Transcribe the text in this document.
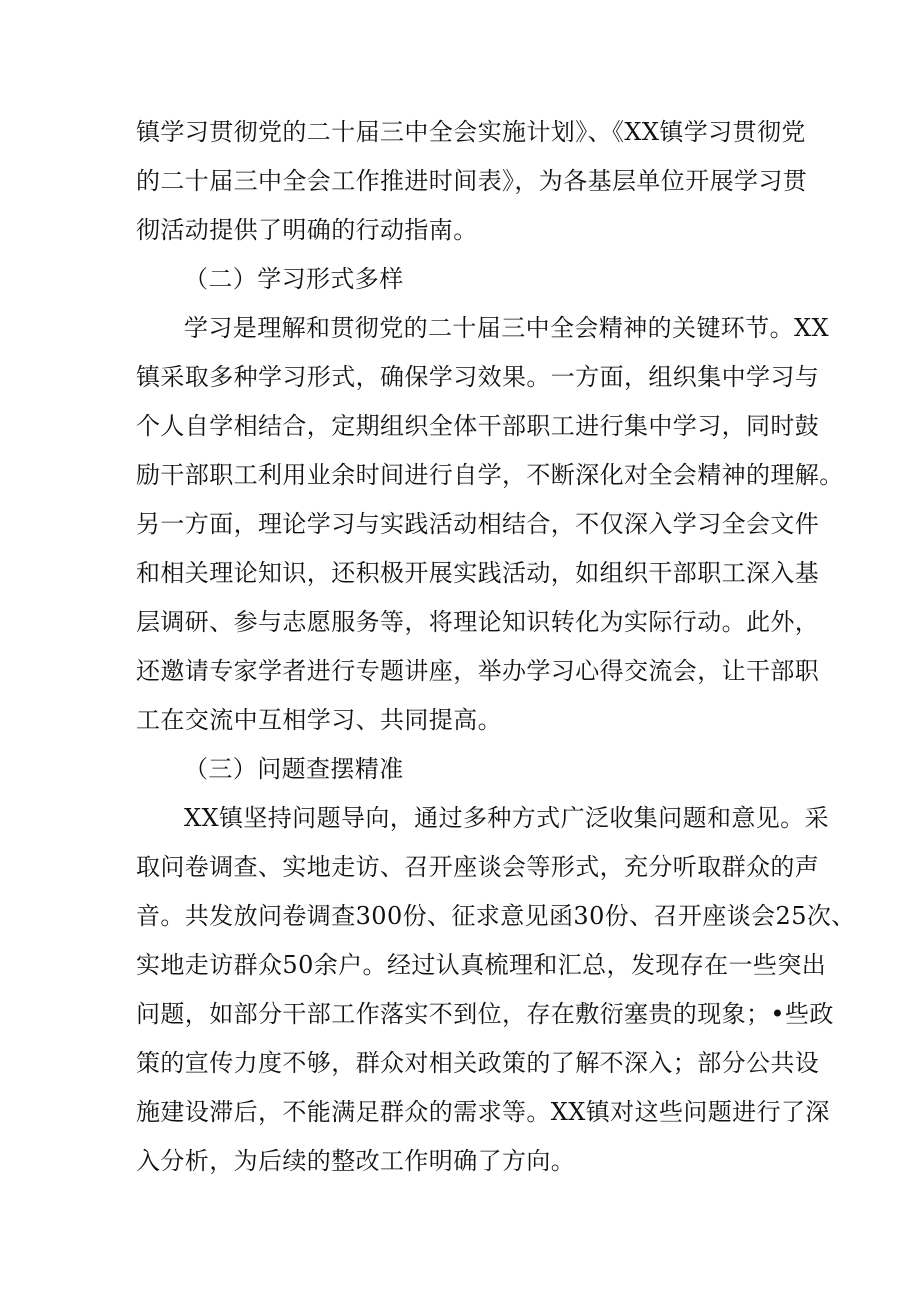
镇学习贯彻党的二十届三中全会实施计划》、《XX镇学习贯彻党
的二十届三中全会工作推进时间表》，为各基层单位开展学习贯
彻活动提供了明确的行动指南。
（二）学习形式多样
学习是理解和贯彻党的二十届三中全会精神的关键环节。XX
镇采取多种学习形式，确保学习效果。一方面，组织集中学习与
个人自学相结合，定期组织全体干部职工进行集中学习，同时鼓
励干部职工利用业余时间进行自学，不断深化对全会精神的理解。
另一方面，理论学习与实践活动相结合，不仅深入学习全会文件
和相关理论知识，还积极开展实践活动，如组织干部职工深入基
层调研、参与志愿服务等，将理论知识转化为实际行动。此外，
还邀请专家学者进行专题讲座，举办学习心得交流会，让干部职
工在交流中互相学习、共同提高。
（三）问题查摆精准
XX镇坚持问题导向，通过多种方式广泛收集问题和意见。采
取问卷调查、实地走访、召开座谈会等形式，充分听取群众的声
音。共发放问卷调查300份、征求意见函30份、召开座谈会25次、
实地走访群众50余户。经过认真梳理和汇总，发现存在一些突出
问题，如部分干部工作落实不到位，存在敷衍塞贵的现象；•些政
策的宣传力度不够，群众对相关政策的了解不深入；部分公共设
施建设滞后，不能满足群众的需求等。XX镇对这些问题进行了深
入分析，为后续的整改工作明确了方向。
